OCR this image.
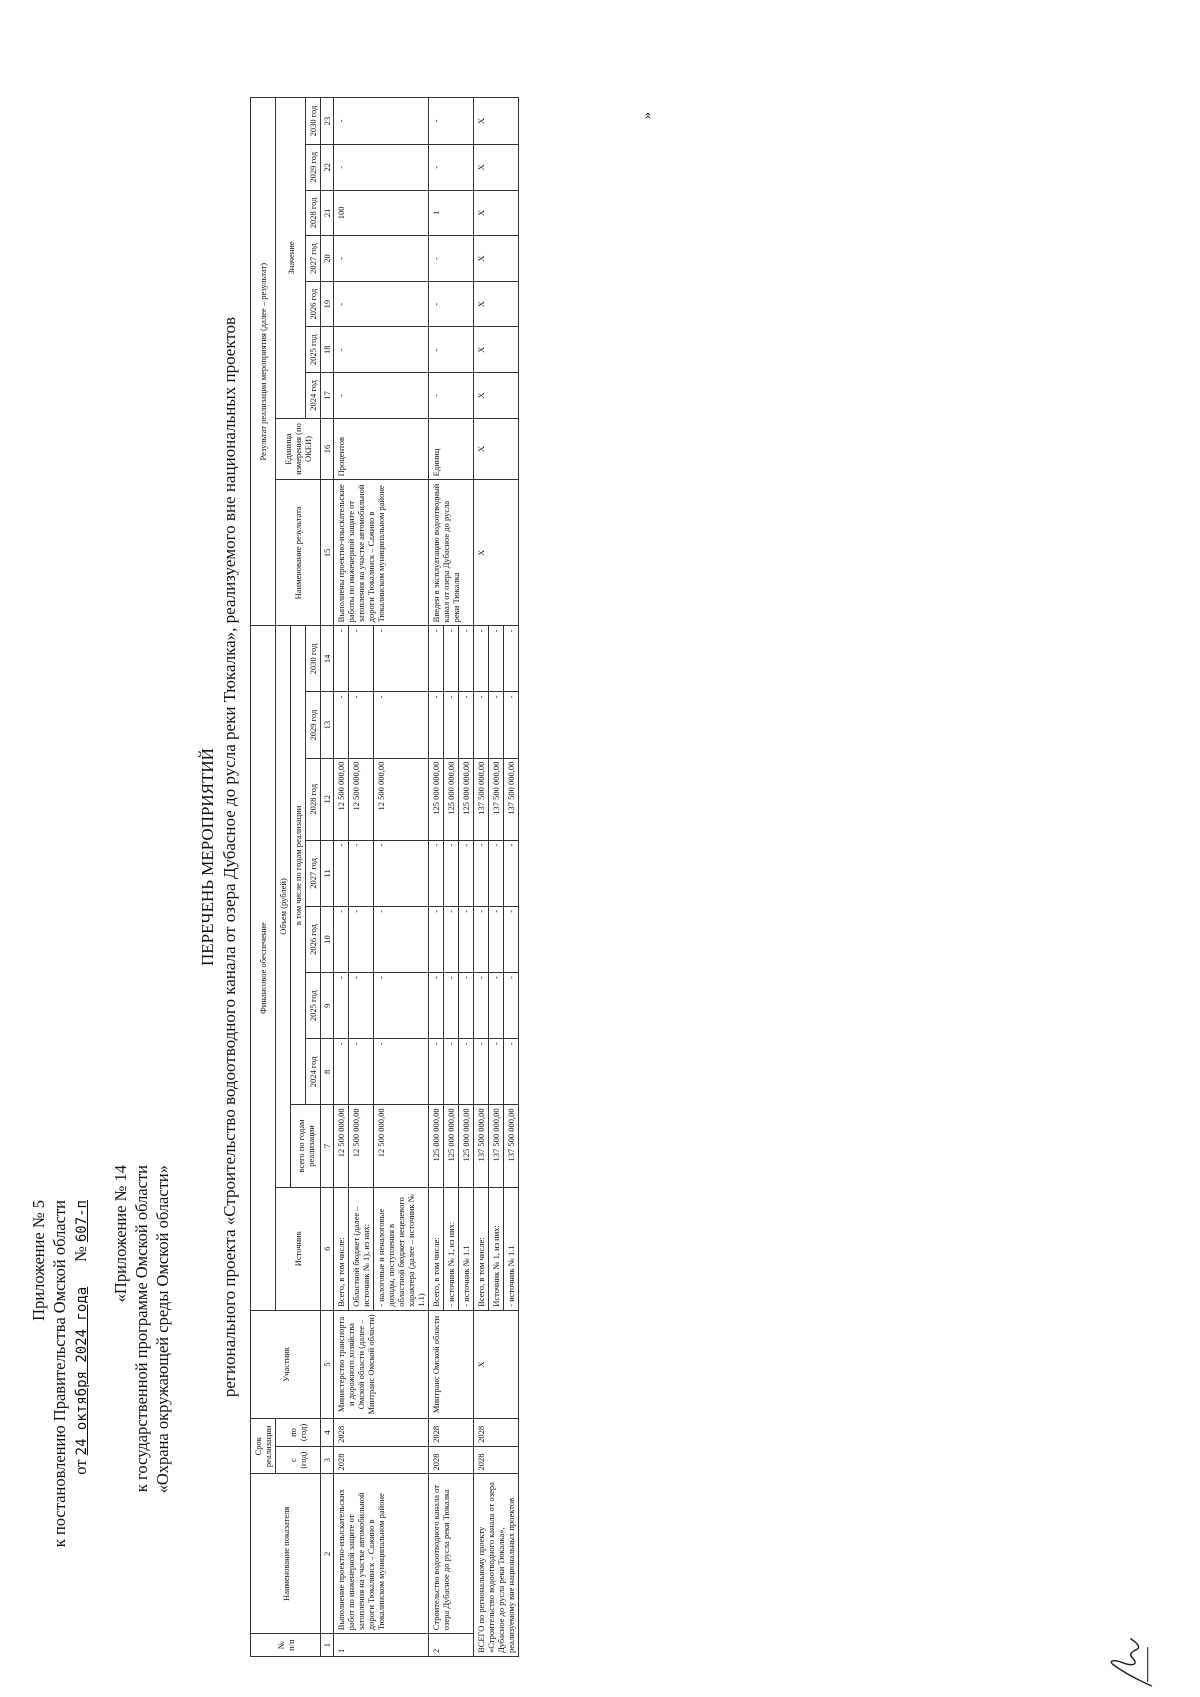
Приложение № 5 к постановлению Правительства Омской области от 24 октября 2024 года      № 607-п «Приложение № 14 к государственной программе Омской области «Охрана окружающей среды Омской области»
ПЕРЕЧЕНЬ МЕРОПРИЯТИЙ регионального проекта «Строительство водоотводного канала от озера Дубасное до русла реки Тюкалка», реализуемого вне национальных проектов
№ п/п	Наименование показателя	Срок реализации		Участник	Финансовое обеспечение									Результат реализации мероприятия (далее – результат)								
		с (год)	по (год)		Источник	Объем (рублей)								Наименование результата	Единица измерения (по ОКЕИ)	Значение						
						всего по годам реализации	в том числе по годам реализации															
							2024 год	2025 год	2026 год	2027 год	2028 год	2029 год	2030 год			2024 год	2025 год	2026 год	2027 год	2028 год	2029 год	2030 год
1	2	3	4	5	6	7	8	9	10	11	12	13	14	15	16	17	18	19	20	21	22	23
1	Выполнение проектно-изыскательских работ по инженерной защите от затопления на участке автомобильной дороги Тюкалинск – Сажино в Тюкалинском муниципальном районе	2028	2028	Министерство транспорта и дорожного хозяйства Омской области (далее – Минтранс Омской области)	Всего, в том числе:	12 500 000,00	-	-	-	-	12 500 000,00	-	-	Выполнены проектно-изыскательские работы по инженерной защите от затопления на участке автомобильной дороги Тюкалинск – Сажино в Тюкалинском муниципальном районе	Процентов	-	-	-	-	100	-	-
					Областной бюджет (далее – источник № 1), из них:	12 500 000,00	-	-	-	-	12 500 000,00	-	-									
					- налоговые и неналоговые доходы, поступления в областной бюджет нецелевого характера (далее – источник № 1.1)	12 500 000,00	-	-	-	-	12 500 000,00	-	-									
2	Строительство водоотводного канала от озера Дубасное до русла реки Тюкалка	2028	2028	Минтранс Омской области	Всего, в том числе:	125 000 000,00	-	-	-	-	125 000 000,00	-	-	Введен в эксплуатацию водоотводный канал от озера Дубасное до русла реки Тюкалка	Единиц	-	-	-	-	1	-	-
					- источник № 1, из них:	125 000 000,00	-	-	-	-	125 000 000,00	-	-									
					- источник № 1.1	125 000 000,00	-	-	-	-	125 000 000,00	-	-									
ВСЕГО по региональному проекту «Строительство водоотводного канала от озера Дубасное до русла реки Тюкалка», реализуемому вне национальных проектов		2028	2028	X	Всего, в том числе:	137 500 000,00	-	-	-	-	137 500 000,00	-	-	X	X	X	X	X	X	X	X	X
					Источник № 1, из них:	137 500 000,00	-	-	-	-	137 500 000,00	-	-									
					- источник № 1.1	137 500 000,00	-	-	-	-	137 500 000,00	-	-									
»
